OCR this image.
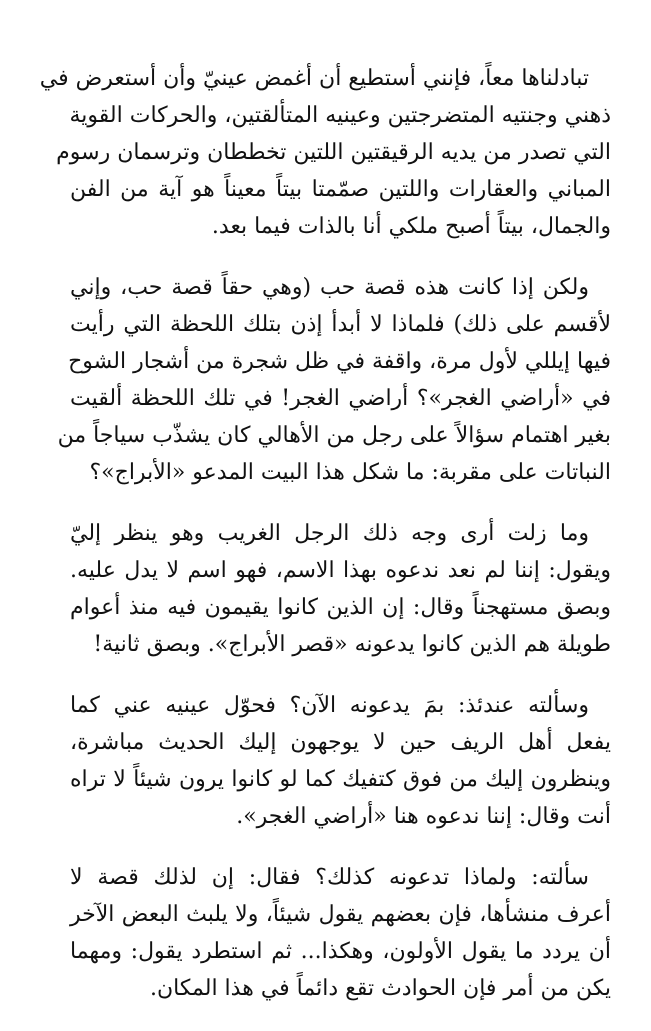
تبادلناها معاً، فإنني أستطيع أن أغمض عينيّ وأن أستعرض في
ذهني وجنتيه المتضرجتين وعينيه المتألقتين، والحركات القوية
التي تصدر من يديه الرقيقتين اللتين تخططان وترسمان رسوم
المباني والعقارات واللتين صمّمتا بيتاً معيناً هو آية من الفن
والجمال، بيتاً أصبح ملكي أنا بالذات فيما بعد.
ولكن إذا كانت هذه قصة حب (وهي حقاً قصة حب، وإني
لأقسم على ذلك) فلماذا لا أبدأ إذن بتلك اللحظة التي رأيت
فيها إيللي لأول مرة، واقفة في ظل شجرة من أشجار الشوح
في «أراضي الغجر»؟ أراضي الغجر! في تلك اللحظة ألقيت
بغير اهتمام سؤالاً على رجل من الأهالي كان يشذّب سياجاً من
النباتات على مقربة: ما شكل هذا البيت المدعو «الأبراج»؟
وما زلت أرى وجه ذلك الرجل الغريب وهو ينظر إليّ
ويقول: إننا لم نعد ندعوه بهذا الاسم، فهو اسم لا يدل عليه.
وبصق مستهجناً وقال: إن الذين كانوا يقيمون فيه منذ أعوام
طويلة هم الذين كانوا يدعونه «قصر الأبراج». وبصق ثانية!
وسألته عندئذ: بمَ يدعونه الآن؟ فحوّل عينيه عني كما
يفعل أهل الريف حين لا يوجهون إليك الحديث مباشرة،
وينظرون إليك من فوق كتفيك كما لو كانوا يرون شيئاً لا تراه
أنت وقال: إننا ندعوه هنا «أراضي الغجر».
سألته: ولماذا تدعونه كذلك؟ فقال: إن لذلك قصة لا
أعرف منشأها، فإن بعضهم يقول شيئاً، ولا يلبث البعض الآخر
أن يردد ما يقول الأولون، وهكذا... ثم استطرد يقول: ومهما
يكن من أمر فإن الحوادث تقع دائماً في هذا المكان.
